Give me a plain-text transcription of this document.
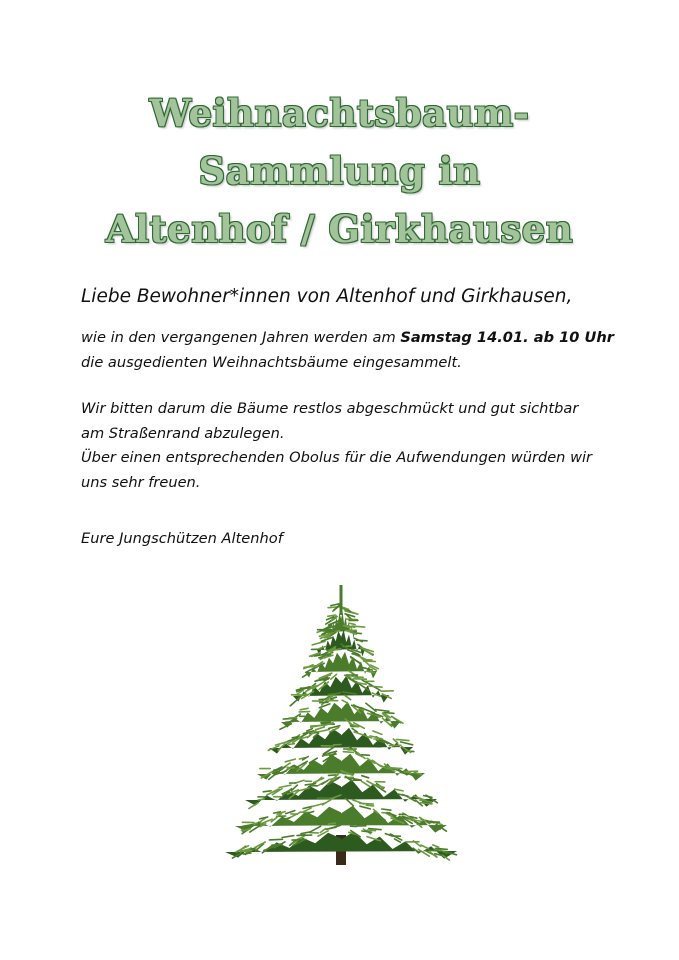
Weihnachtsbaum-
Sammlung in
Altenhof / Girkhausen

Liebe Bewohner*innen von Altenhof und Girkhausen,

wie in den vergangenen Jahren werden am Samstag 14.01. ab 10 Uhr
die ausgedienten Weihnachtsbäume eingesammelt.

Wir bitten darum die Bäume restlos abgeschmückt und gut sichtbar
am Straßenrand abzulegen.
Über einen entsprechenden Obolus für die Aufwendungen würden wir
uns sehr freuen.

Eure Jungschützen Altenhof
